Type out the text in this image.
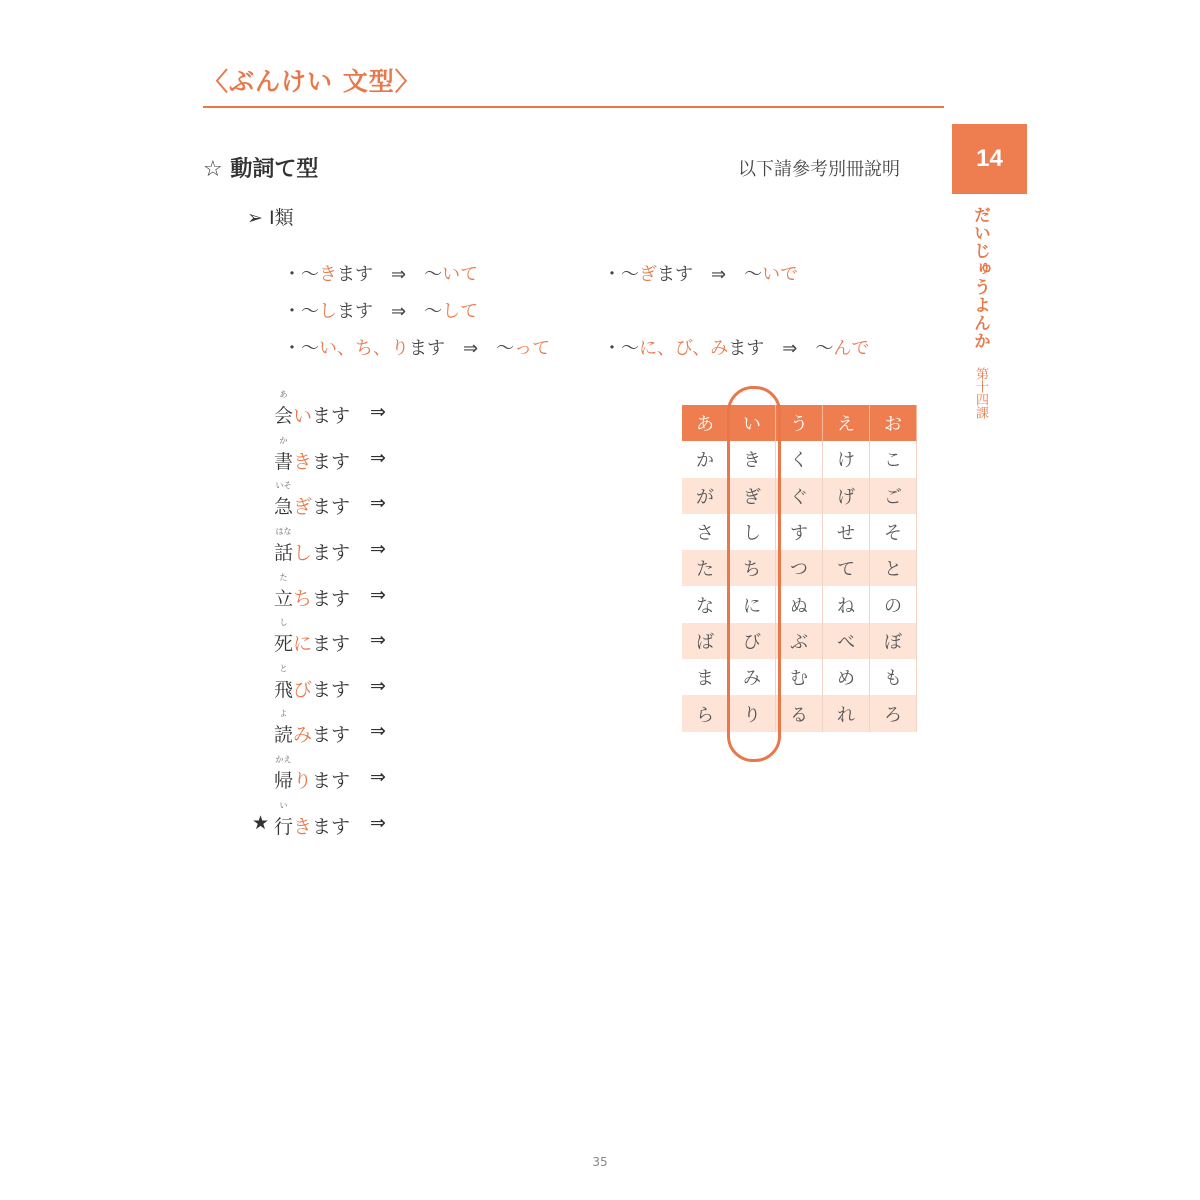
〈ぶんけい 文型〉
14
だいじゅうよんか 第十四課
☆ 動詞て型	以下請參考別冊說明
➢ Ⅰ類
・～きます　⇒　～いて	・～ぎます　⇒　～いで
・～します　⇒　～して
・～い、ち、ります　⇒　～って	・～に、び、みます　⇒　～んで
あ
会います ⇒
か
書きます ⇒
いそ
急ぎます ⇒
はな
話します ⇒
た
立ちます ⇒
し
死にます ⇒
と
飛びます ⇒
よ
読みます ⇒
かえ
帰ります ⇒
★
い
行きます ⇒
あ	い	う	え	お
か	き	く	け	こ
が	ぎ	ぐ	げ	ご
さ	し	す	せ	そ
た	ち	つ	て	と
な	に	ぬ	ね	の
ば	び	ぶ	べ	ぼ
ま	み	む	め	も
ら	り	る	れ	ろ
35
